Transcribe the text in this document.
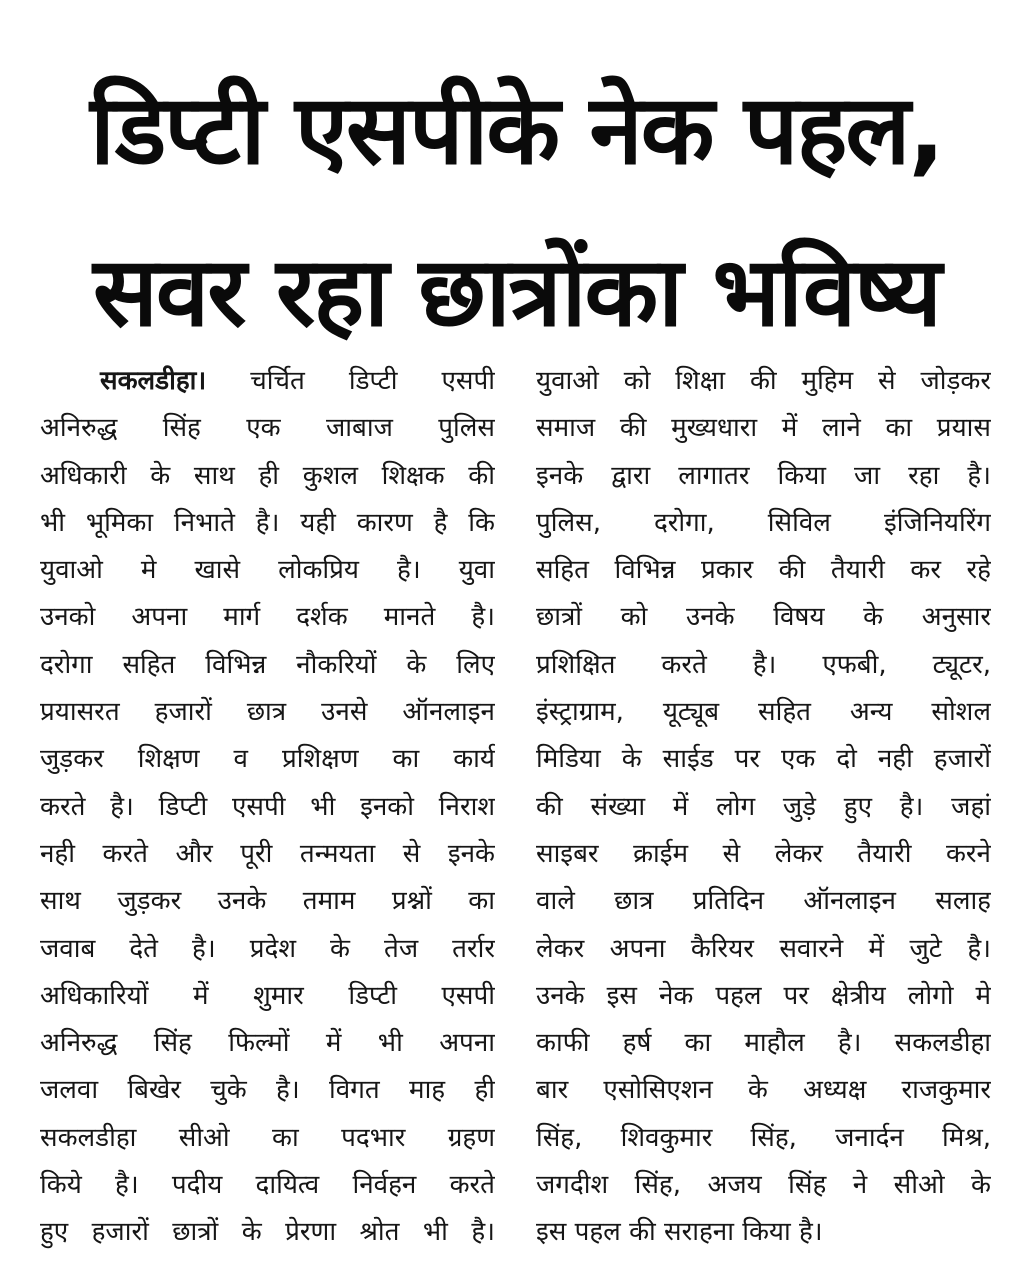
डिप्टी एसपीके नेक पहल,
सवर रहा छात्रोंका भविष्य
सकलडीहा। चर्चित डिप्टी एसपी
अनिरुद्ध सिंह एक जाबाज पुलिस
अधिकारी के साथ ही कुशल शिक्षक की
भी भूमिका निभाते है। यही कारण है कि
युवाओ मे खासे लोकप्रिय है। युवा
उनको अपना मार्ग दर्शक मानते है।
दरोगा सहित विभिन्न नौकरियों के लिए
प्रयासरत हजारों छात्र उनसे ऑनलाइन
जुड़कर शिक्षण व प्रशिक्षण का कार्य
करते है। डिप्टी एसपी भी इनको निराश
नही करते और पूरी तन्मयता से इनके
साथ जुड़कर उनके तमाम प्रश्नों का
जवाब देते है। प्रदेश के तेज तर्रार
अधिकारियों में शुमार डिप्टी एसपी
अनिरुद्ध सिंह फिल्मों में भी अपना
जलवा बिखेर चुके है। विगत माह ही
सकलडीहा सीओ का पदभार ग्रहण
किये है। पदीय दायित्व निर्वहन करते
हुए हजारों छात्रों के प्रेरणा श्रोत भी है।
युवाओ को शिक्षा की मुहिम से जोड़कर
समाज की मुख्यधारा में लाने का प्रयास
इनके द्वारा लागातर किया जा रहा है।
पुलिस, दरोगा, सिविल इंजिनियरिंग
सहित विभिन्न प्रकार की तैयारी कर रहे
छात्रों को उनके विषय के अनुसार
प्रशिक्षित करते है। एफबी, ट्यूटर,
इंस्ट्राग्राम, यूट्यूब सहित अन्य सोशल
मिडिया के साईड पर एक दो नही हजारों
की संख्या में लोग जुड़े हुए है। जहां
साइबर क्राईम से लेकर तैयारी करने
वाले छात्र प्रतिदिन ऑनलाइन सलाह
लेकर अपना कैरियर सवारने में जुटे है।
उनके इस नेक पहल पर क्षेत्रीय लोगो मे
काफी हर्ष का माहौल है। सकलडीहा
बार एसोसिएशन के अध्यक्ष राजकुमार
सिंह, शिवकुमार सिंह, जनार्दन मिश्र,
जगदीश सिंह, अजय सिंह ने सीओ के
इस पहल की सराहना किया है।
